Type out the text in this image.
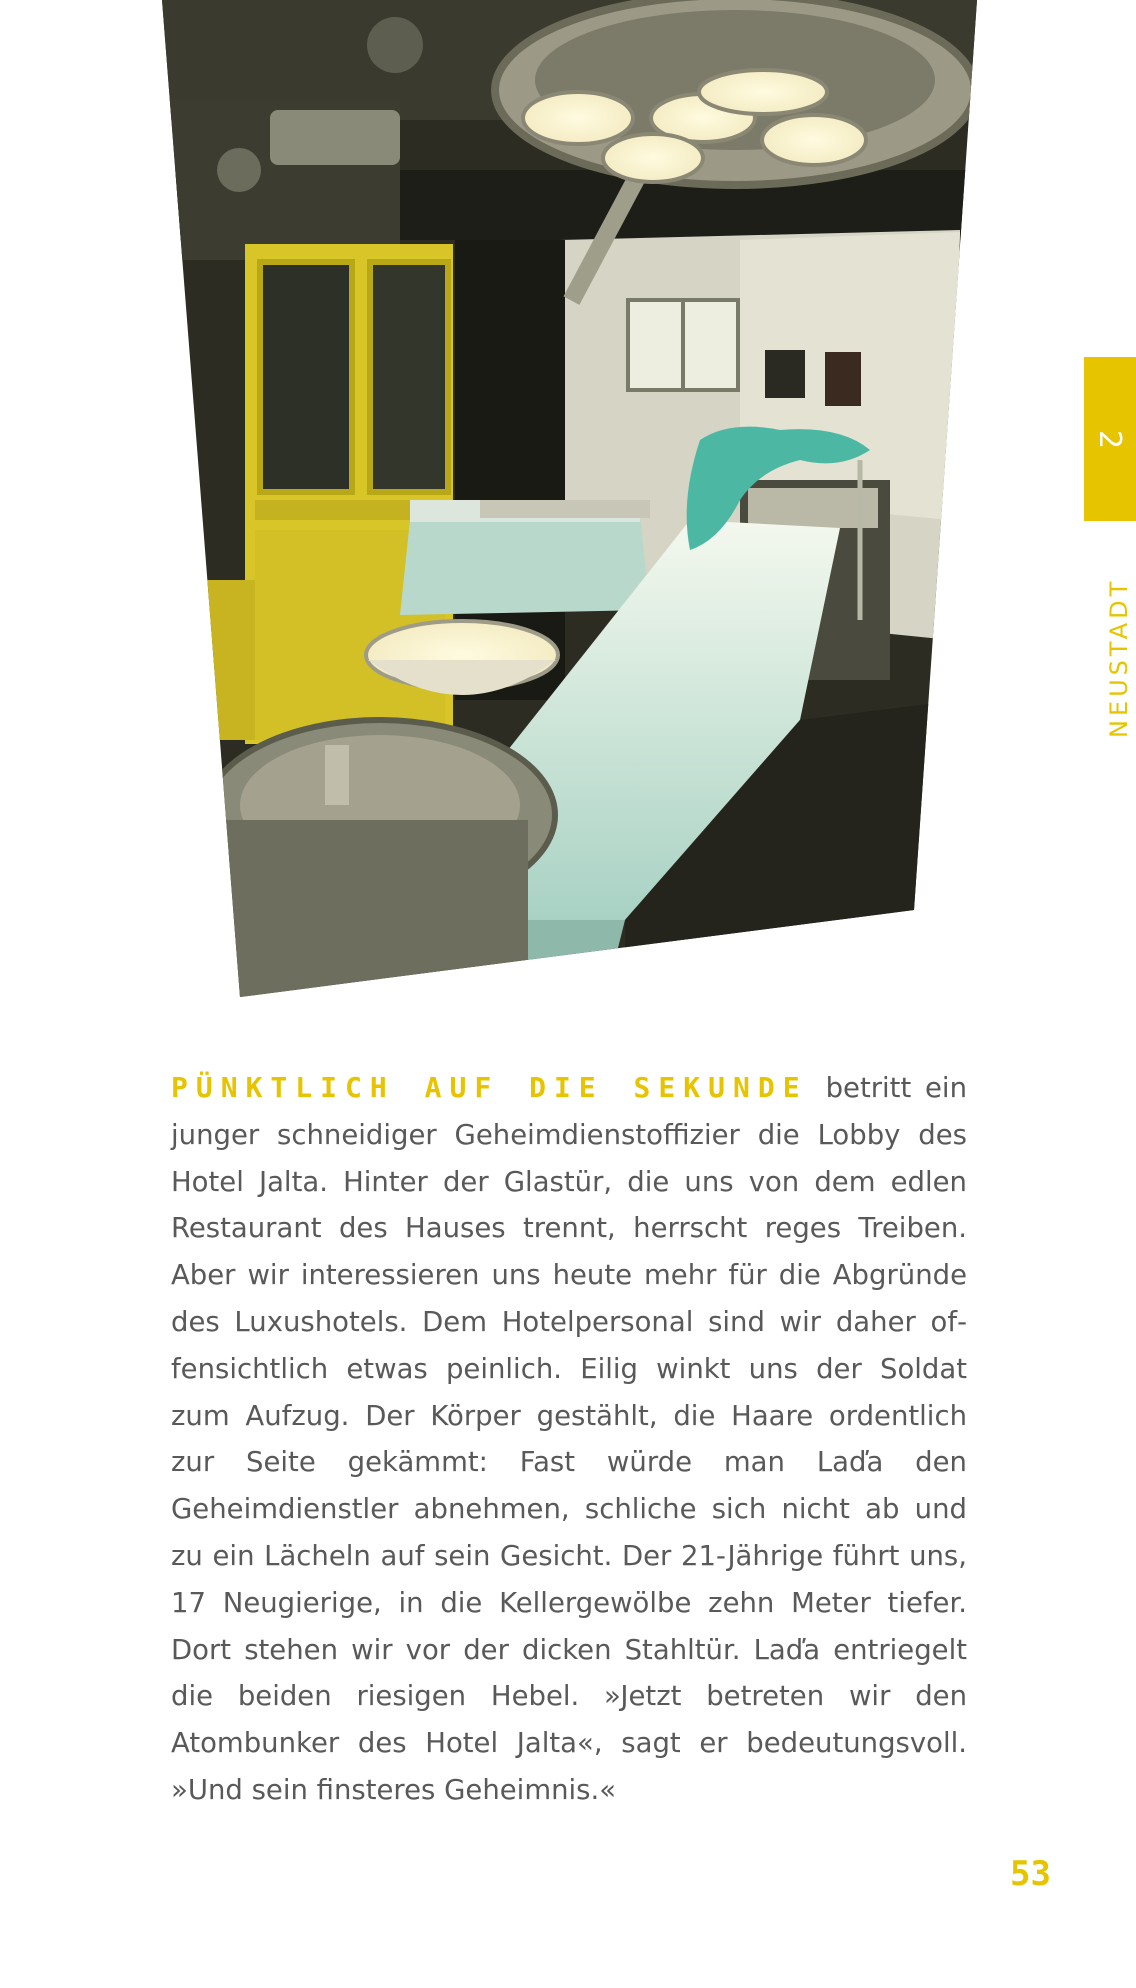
2
NEUSTADT
PÜNKTLICH AUF DIE SEKUNDE betritt ein junger schneidiger Geheimdienstoffizier die Lobby des Hotel Jalta. Hinter der Glastür, die uns von dem edlen Restaurant des Hauses trennt, herrscht reges Treiben. Aber wir interessieren uns heute mehr für die Abgründe des Luxushotels. Dem Hotelpersonal sind wir daher offensichtlich etwas peinlich. Eilig winkt uns der Soldat zum Aufzug. Der Körper gestählt, die Haare ordentlich zur Seite gekämmt: Fast würde man Laďa den Geheimdienstler abnehmen, schliche sich nicht ab und zu ein Lächeln auf sein Gesicht. Der 21-Jährige führt uns, 17 Neugierige, in die Kellergewölbe zehn Meter tiefer. Dort stehen wir vor der dicken Stahltür. Laďa entriegelt die beiden riesigen Hebel. »Jetzt betreten wir den Atombunker des Hotel Jalta«, sagt er bedeutungsvoll. »Und sein finsteres Geheimnis.«
53
